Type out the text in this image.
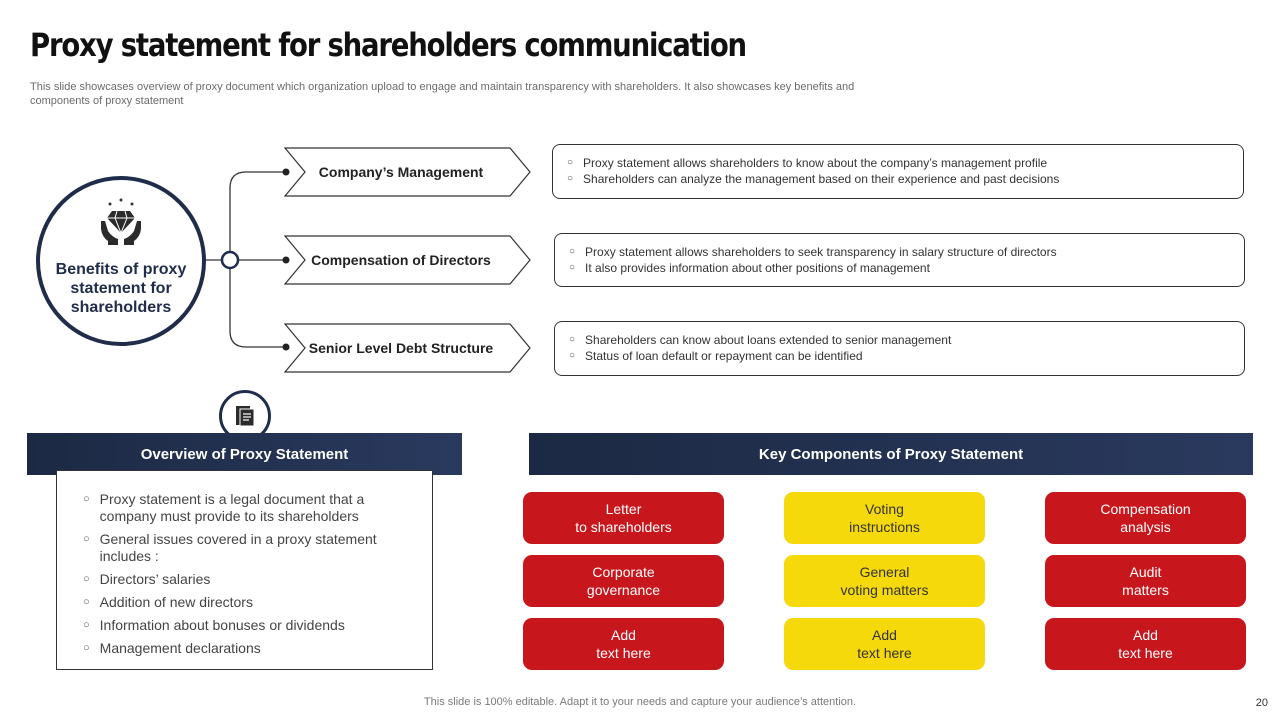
Proxy statement for shareholders communication
This slide showcases overview of proxy document which organization upload to engage and maintain transparency with shareholders. It also showcases key benefits and components of proxy statement
Benefits of proxy statement for shareholders
Company’s Management
Compensation of Directors
Senior Level Debt Structure
○ Proxy statement allows shareholders to know about the company’s management profile
○ Shareholders can analyze the management based on their experience and past decisions
○ Proxy statement allows shareholders to seek transparency in salary structure of directors
○ It also provides information about other positions of management
○ Shareholders can know about loans extended to senior management
○ Status of loan default or repayment can be identified
Overview of Proxy Statement
○ Proxy statement is a legal document that a company must provide to its shareholders
○ General issues covered in a proxy statement includes :
○ Directors’ salaries
○ Addition of new directors
○ Information about bonuses or dividends
○ Management declarations
Key Components of Proxy Statement
Letter
to shareholders
Voting
instructions
Compensation
analysis
Corporate
governance
General
voting matters
Audit
matters
Add
text here
Add
text here
Add
text here
This slide is 100% editable. Adapt it to your needs and capture your audience’s attention.	20
